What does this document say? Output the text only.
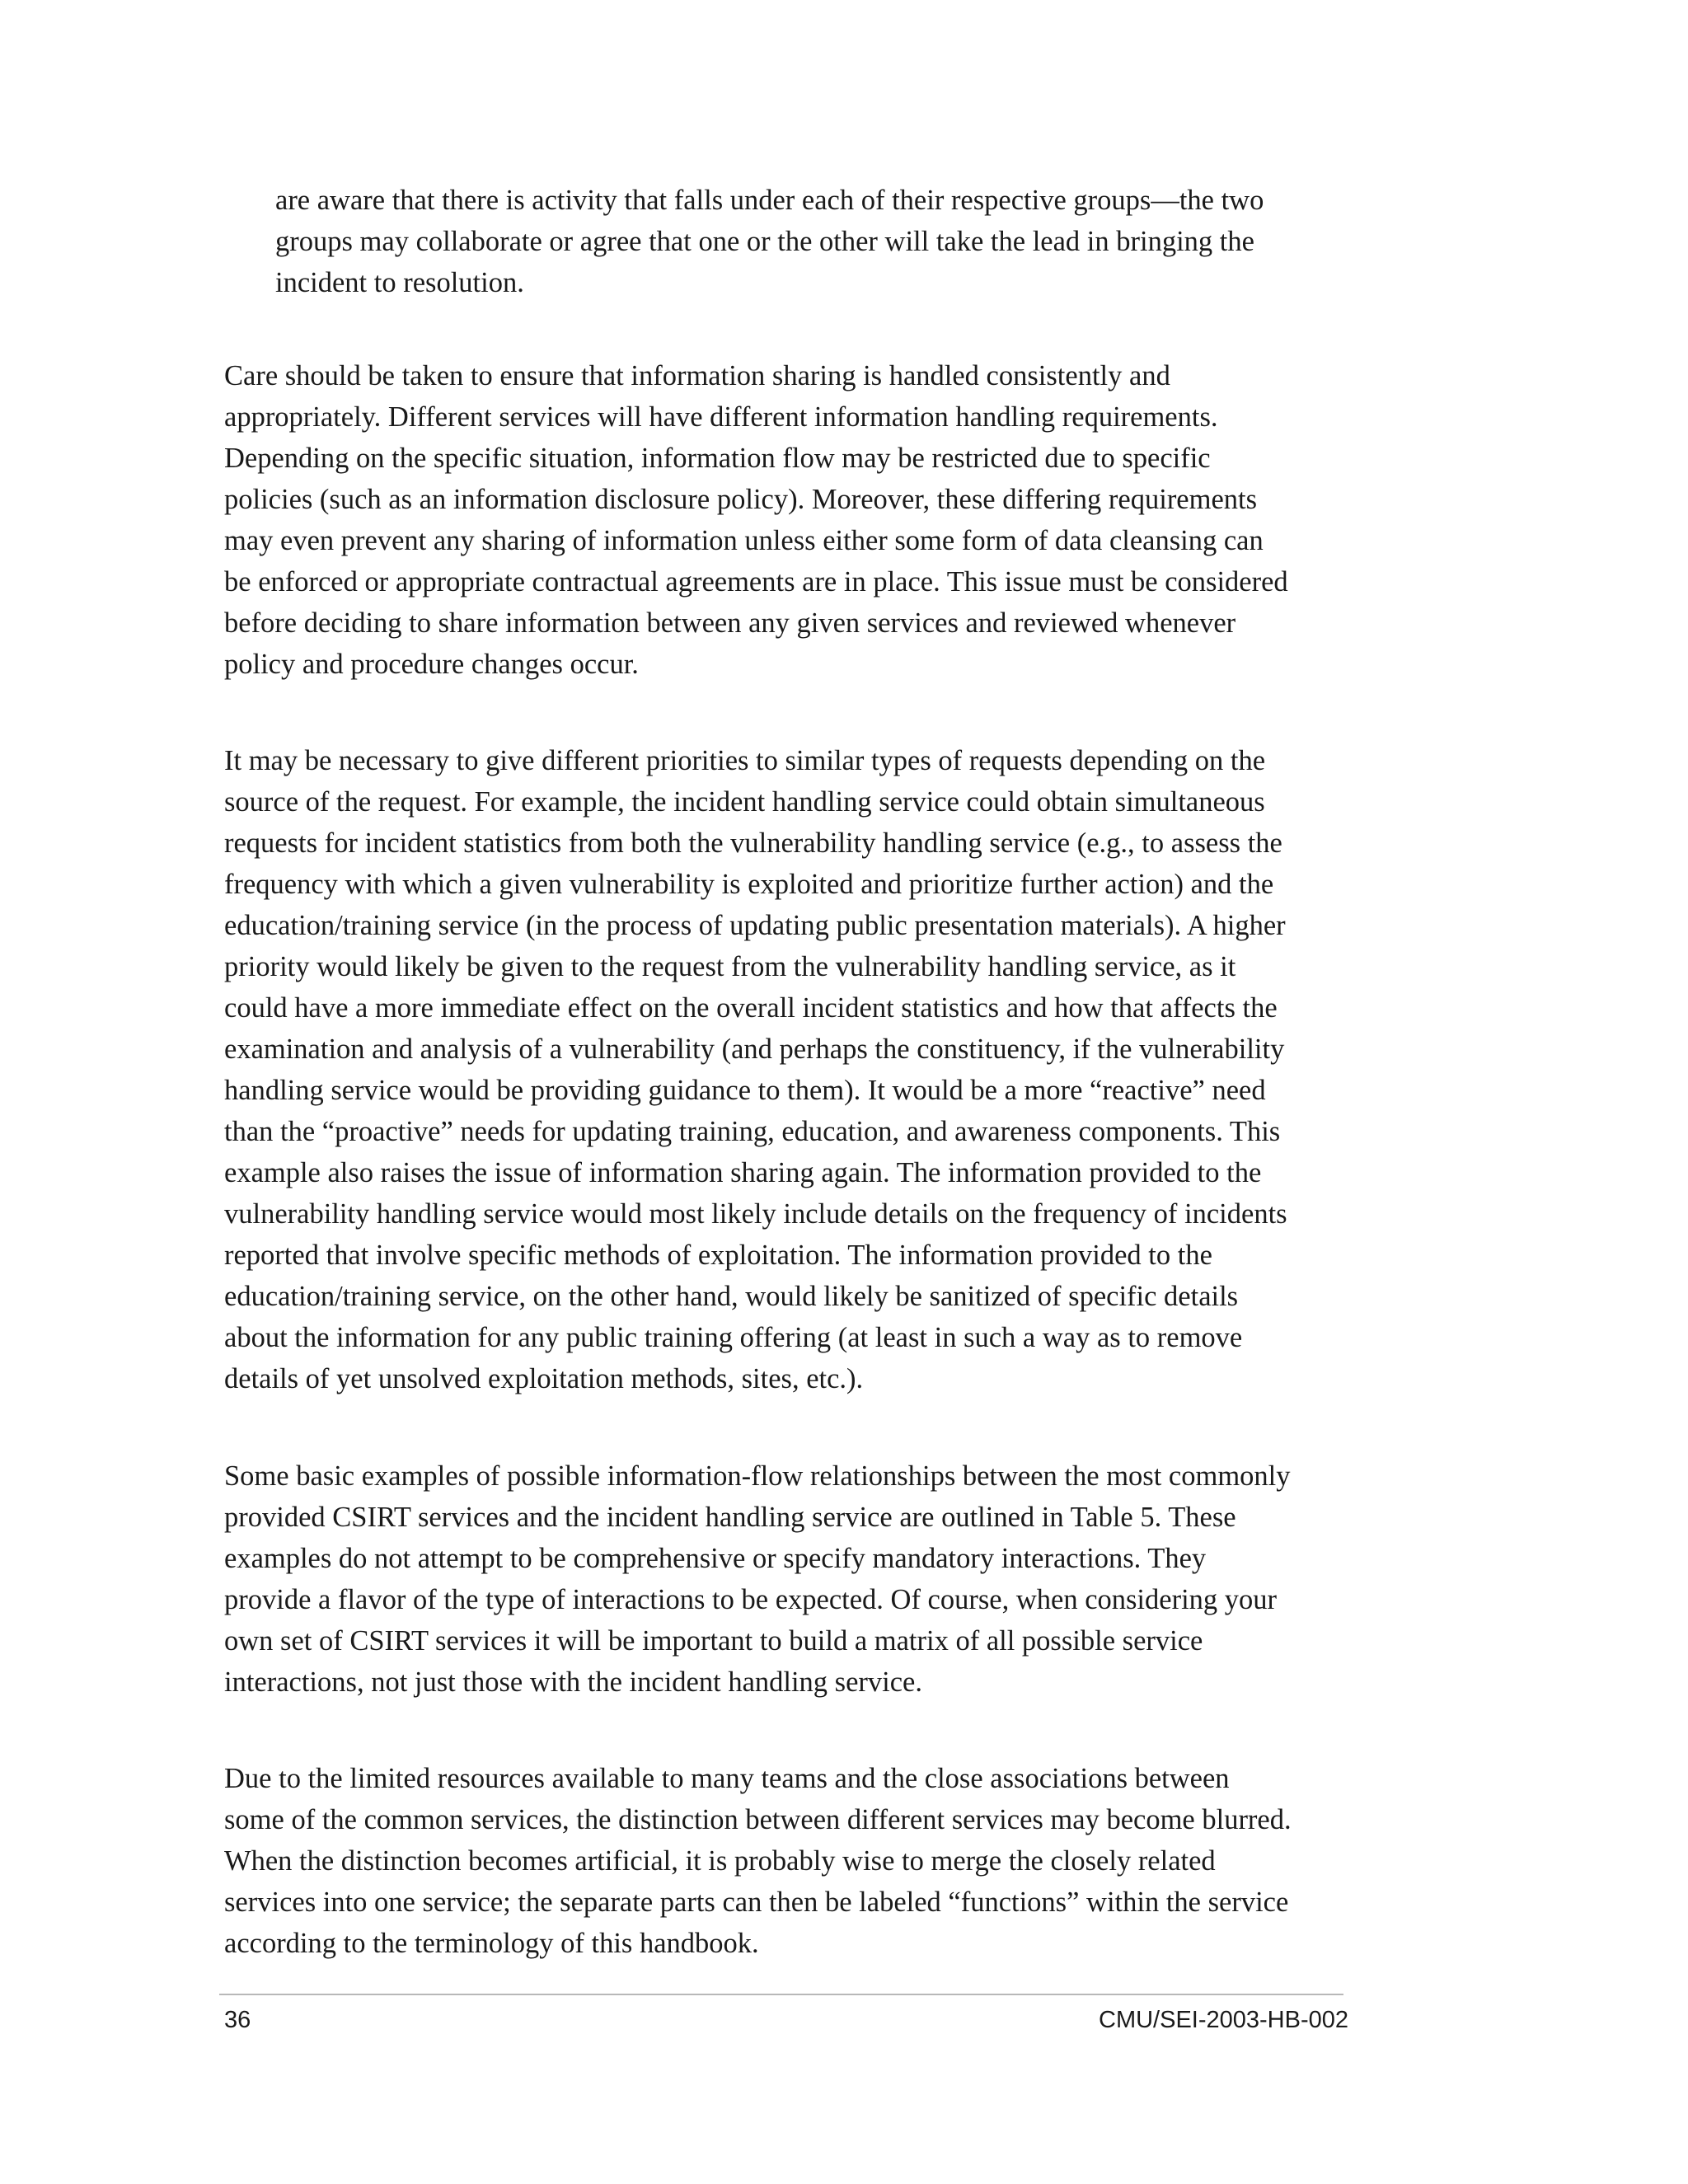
are aware that there is activity that falls under each of their respective groups—the two
groups may collaborate or agree that one or the other will take the lead in bringing the
incident to resolution.

Care should be taken to ensure that information sharing is handled consistently and
appropriately. Different services will have different information handling requirements.
Depending on the specific situation, information flow may be restricted due to specific
policies (such as an information disclosure policy). Moreover, these differing requirements
may even prevent any sharing of information unless either some form of data cleansing can
be enforced or appropriate contractual agreements are in place. This issue must be considered
before deciding to share information between any given services and reviewed whenever
policy and procedure changes occur.

It may be necessary to give different priorities to similar types of requests depending on the
source of the request. For example, the incident handling service could obtain simultaneous
requests for incident statistics from both the vulnerability handling service (e.g., to assess the
frequency with which a given vulnerability is exploited and prioritize further action) and the
education/training service (in the process of updating public presentation materials). A higher
priority would likely be given to the request from the vulnerability handling service, as it
could have a more immediate effect on the overall incident statistics and how that affects the
examination and analysis of a vulnerability (and perhaps the constituency, if the vulnerability
handling service would be providing guidance to them). It would be a more “reactive” need
than the “proactive” needs for updating training, education, and awareness components. This
example also raises the issue of information sharing again. The information provided to the
vulnerability handling service would most likely include details on the frequency of incidents
reported that involve specific methods of exploitation. The information provided to the
education/training service, on the other hand, would likely be sanitized of specific details
about the information for any public training offering (at least in such a way as to remove
details of yet unsolved exploitation methods, sites, etc.).

Some basic examples of possible information-flow relationships between the most commonly
provided CSIRT services and the incident handling service are outlined in Table 5. These
examples do not attempt to be comprehensive or specify mandatory interactions. They
provide a flavor of the type of interactions to be expected. Of course, when considering your
own set of CSIRT services it will be important to build a matrix of all possible service
interactions, not just those with the incident handling service.

Due to the limited resources available to many teams and the close associations between
some of the common services, the distinction between different services may become blurred.
When the distinction becomes artificial, it is probably wise to merge the closely related
services into one service; the separate parts can then be labeled “functions” within the service
according to the terminology of this handbook.

36	CMU/SEI-2003-HB-002
